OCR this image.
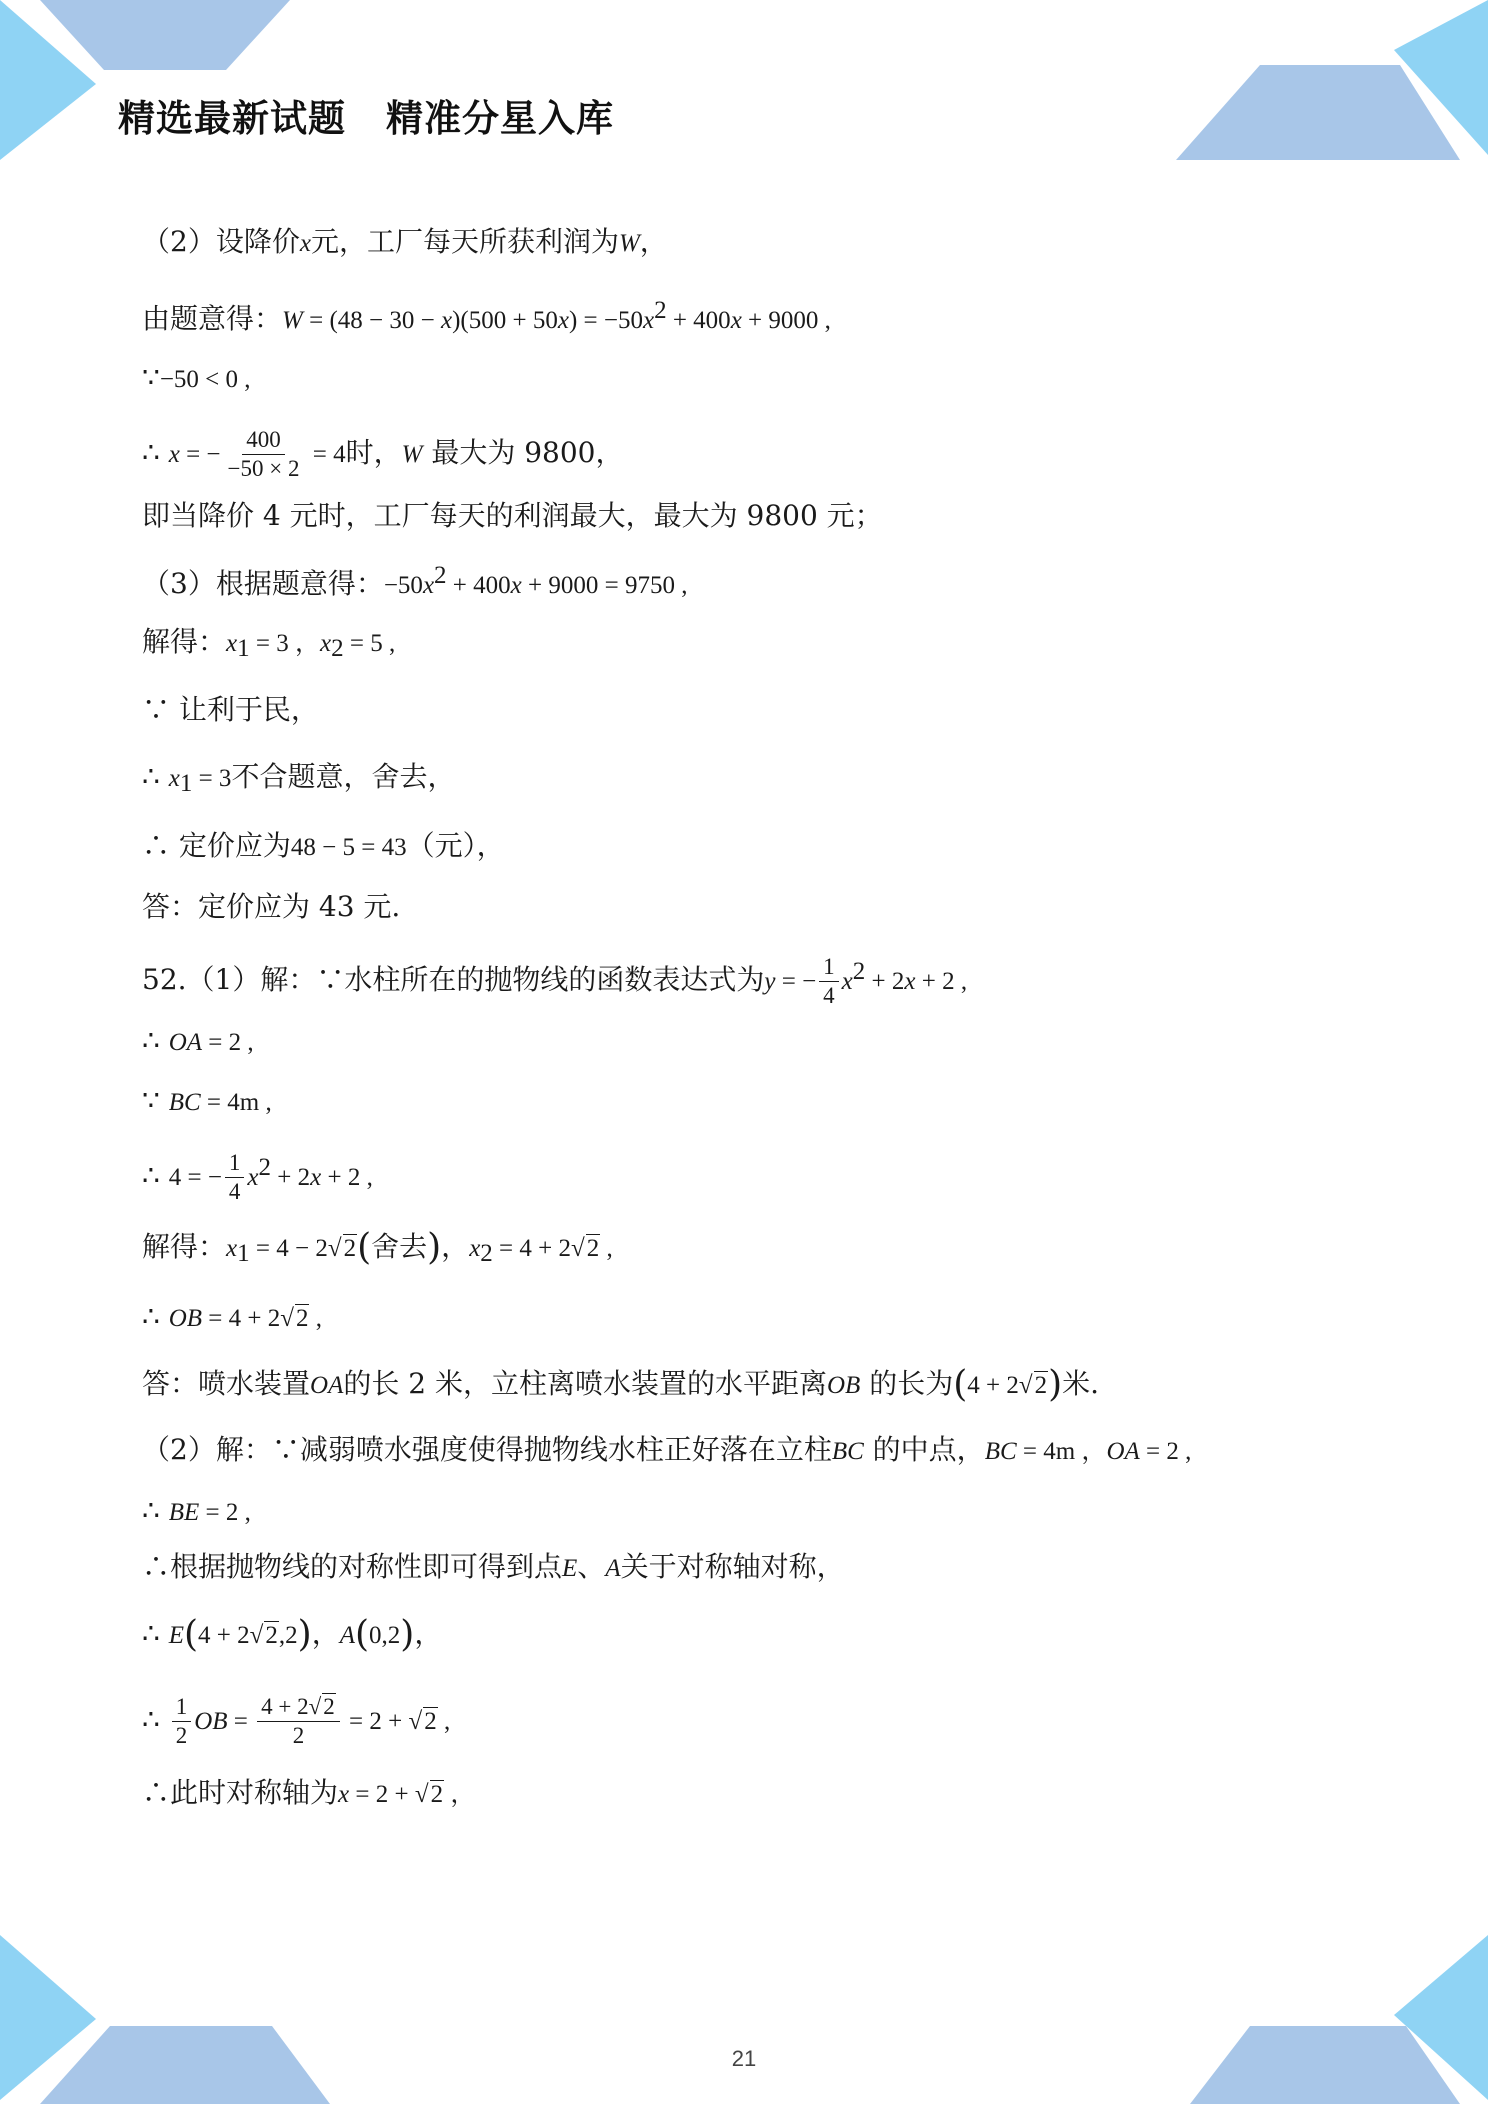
精选最新试题 精准分星入库
（2）设降价x元，工厂每天所获利润为W，
由题意得：$W = (48 - 30 - x)(500 + 50x) = -50x^2 + 400x + 9000$ ,
∵−50 < 0 ,
∴ x = − $\frac{400}{-50 \times 2} = 4$时，W 最大为 9800，
即当降价 4 元时，工厂每天的利润最大，最大为 9800 元；
（3）根据题意得：$-50x^2 + 400x + 9000 = 9750$ ,
解得：$x_1 = 3$ ，$x_2 = 5$ ,
∵ 让利于民，
∴ $x_1 = 3$不合题意，舍去，
∴ 定价应为48 − 5 = 43（元），
答：定价应为 43 元.
52.（1）解：∵水柱所在的抛物线的函数表达式为y = − $\frac{1}{4} x^2 + 2x + 2$ ,
∴ OA = 2 ,
∵ BC = 4m ,
∴ 4 = − $\frac{1}{4} x^2 + 2x + 2$ ,
解得：$x_1 = 4 - 2√2$(舍去)，$x_2 = 4 + 2√2$ ,
∴ OB = 4 + 2√2 ,
答：喷水装置OA的长 2 米，立柱离喷水装置的水平距离OB 的长为(4 + 2√2)米.
（2）解：∵减弱喷水强度使得抛物线水柱正好落在立柱BC 的中点，BC = 4m ，OA = 2 ,
∴ BE = 2 ,
∴根据抛物线的对称性即可得到点E、A关于对称轴对称，
∴ E(4 + 2√2,2)，A(0,2)，
∴ $\frac{1}{2}$ OB = $\frac{4 + 2√2}{2} = 2 + √2$ ,
∴此时对称轴为x = 2 + √2 ，
21
